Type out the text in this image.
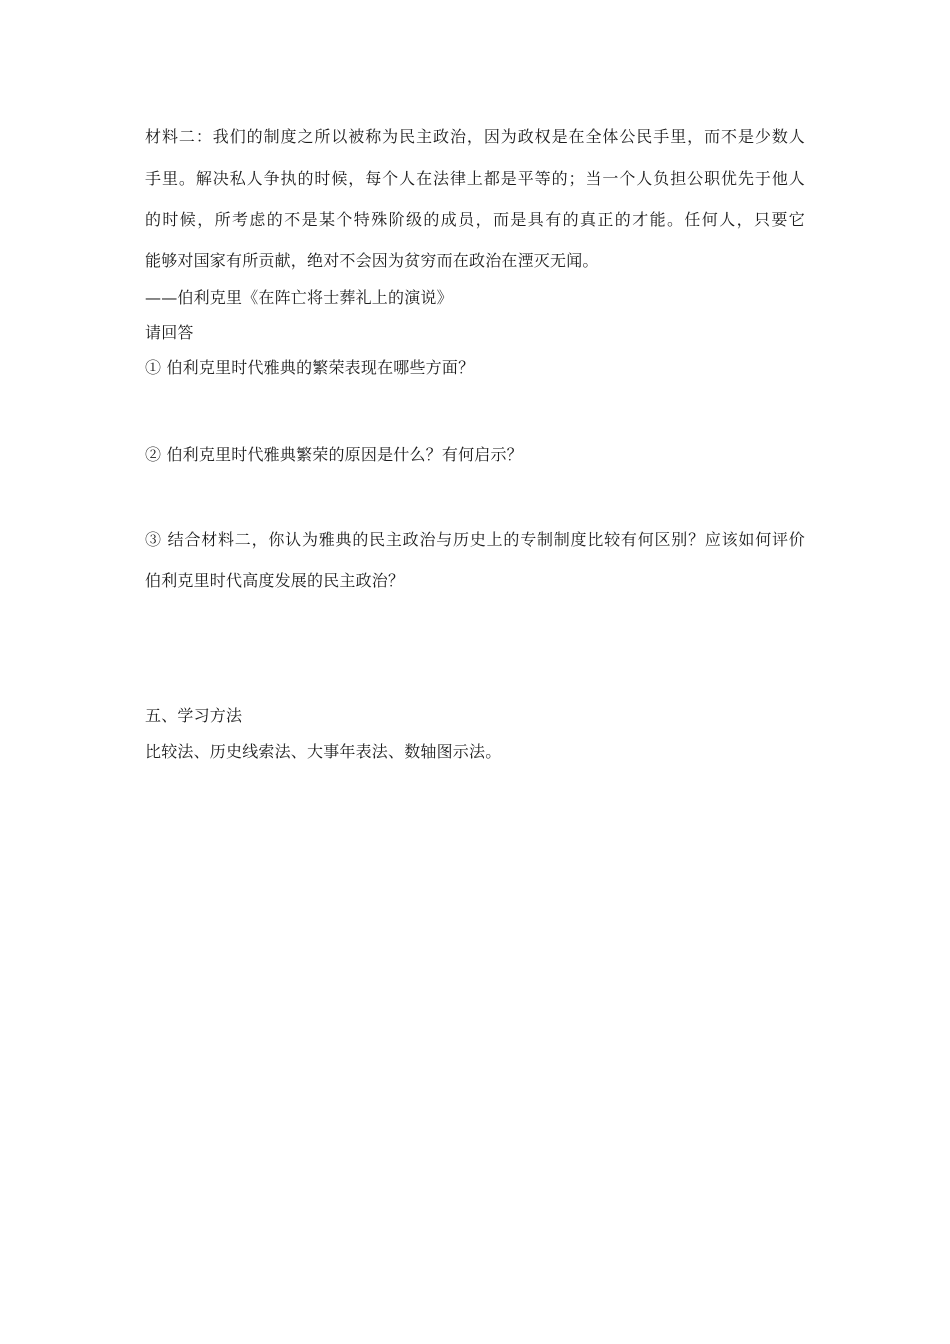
材料二：我们的制度之所以被称为民主政治，因为政权是在全体公民手里，而不是少数人
手里。解决私人争执的时候，每个人在法律上都是平等的；当一个人负担公职优先于他人
的时候，所考虑的不是某个特殊阶级的成员，而是具有的真正的才能。任何人，只要它
能够对国家有所贡献，绝对不会因为贫穷而在政治在湮灭无闻。
——伯利克里《在阵亡将士葬礼上的演说》
请回答
① 伯利克里时代雅典的繁荣表现在哪些方面？
② 伯利克里时代雅典繁荣的原因是什么？有何启示？
③ 结合材料二，你认为雅典的民主政治与历史上的专制制度比较有何区别？应该如何评价
伯利克里时代高度发展的民主政治？
五、学习方法
比较法、历史线索法、大事年表法、数轴图示法。
